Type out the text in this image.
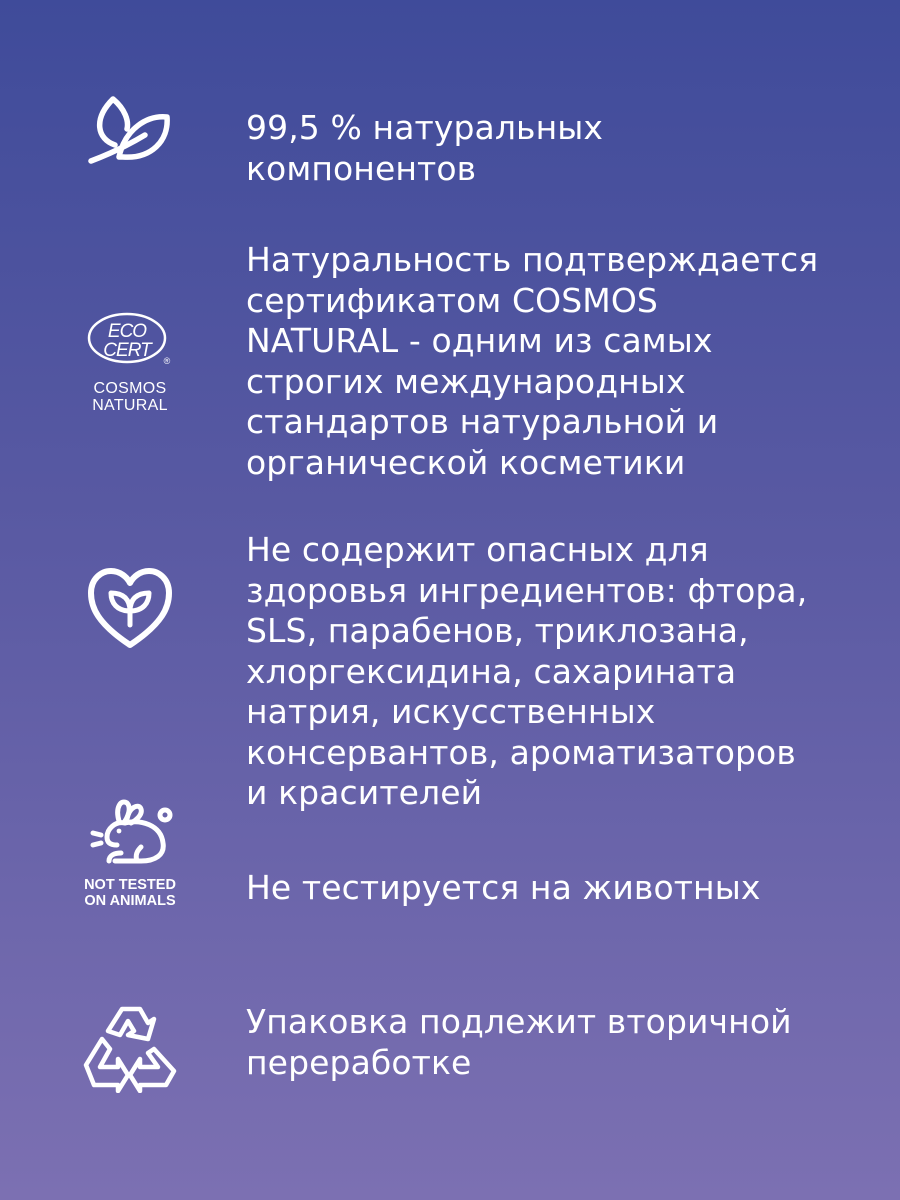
99,5 % натуральных
компонентов
ECO
CERT ®
COSMOS
NATURAL
Натуральность подтверждается
сертификатом COSMOS
NATURAL - одним из самых
строгих международных
стандартов натуральной и
органической косметики
Не содержит опасных для
здоровья ингредиентов: фтора,
SLS, парабенов, триклозана,
хлоргексидина, сахарината
натрия, искусственных
консервантов, ароматизаторов
и красителей
NOT TESTED
ON ANIMALS Не тестируется на животных
Упаковка подлежит вторичной
переработке
